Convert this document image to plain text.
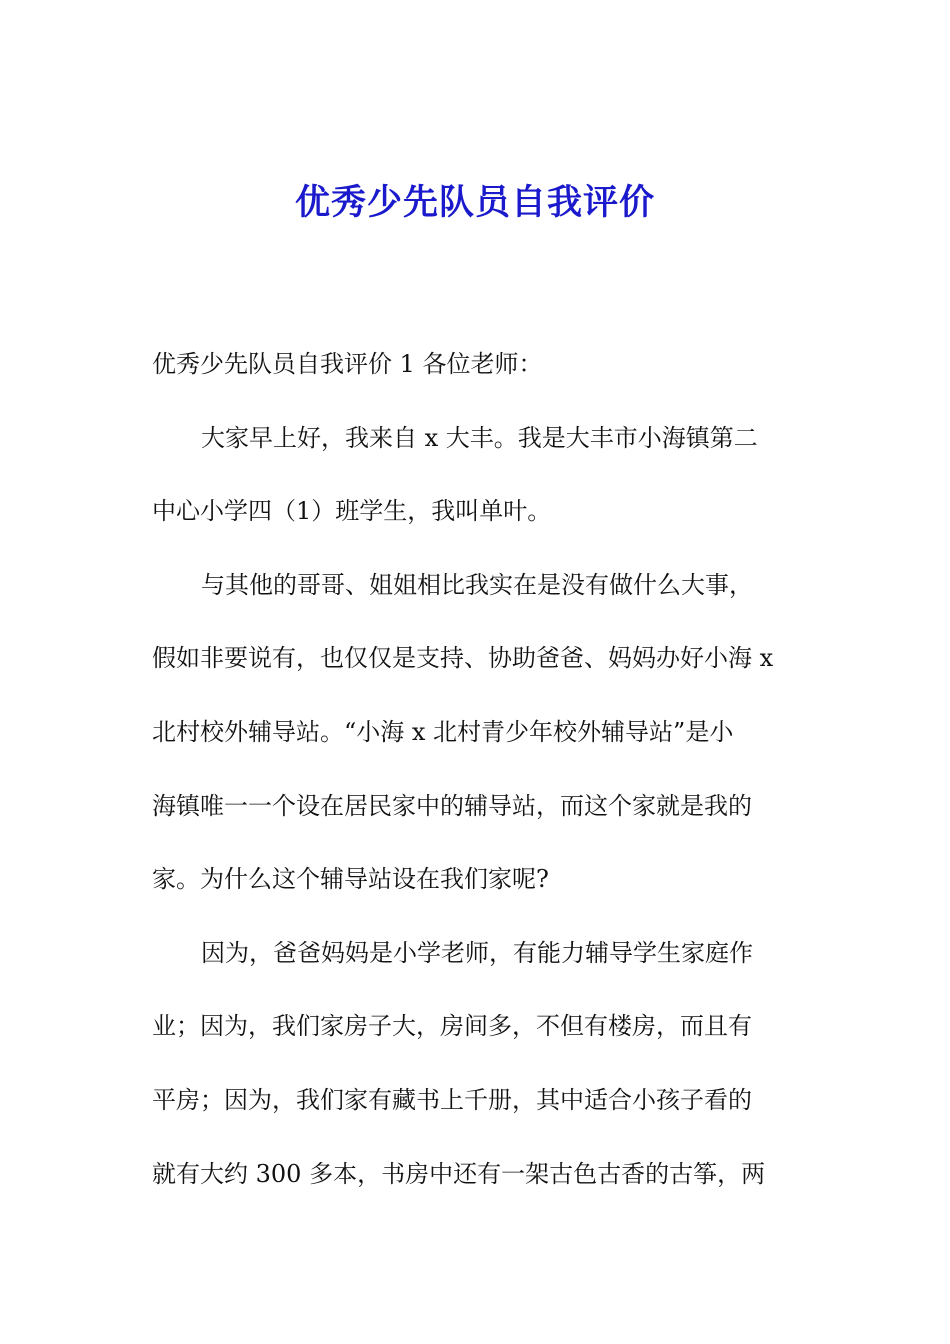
优秀少先队员自我评价
优秀少先队员自我评价 1 各位老师：
大家早上好，我来自 x 大丰。我是大丰市小海镇第二
中心小学四（1）班学生，我叫单叶。
与其他的哥哥、姐姐相比我实在是没有做什么大事，
假如非要说有，也仅仅是支持、协助爸爸、妈妈办好小海 x
北村校外辅导站。“小海 x 北村青少年校外辅导站”是小
海镇唯一一个设在居民家中的辅导站，而这个家就是我的
家。为什么这个辅导站设在我们家呢?
因为，爸爸妈妈是小学老师，有能力辅导学生家庭作
业；因为，我们家房子大，房间多，不但有楼房，而且有
平房；因为，我们家有藏书上千册，其中适合小孩子看的
就有大约 300 多本，书房中还有一架古色古香的古筝，两
